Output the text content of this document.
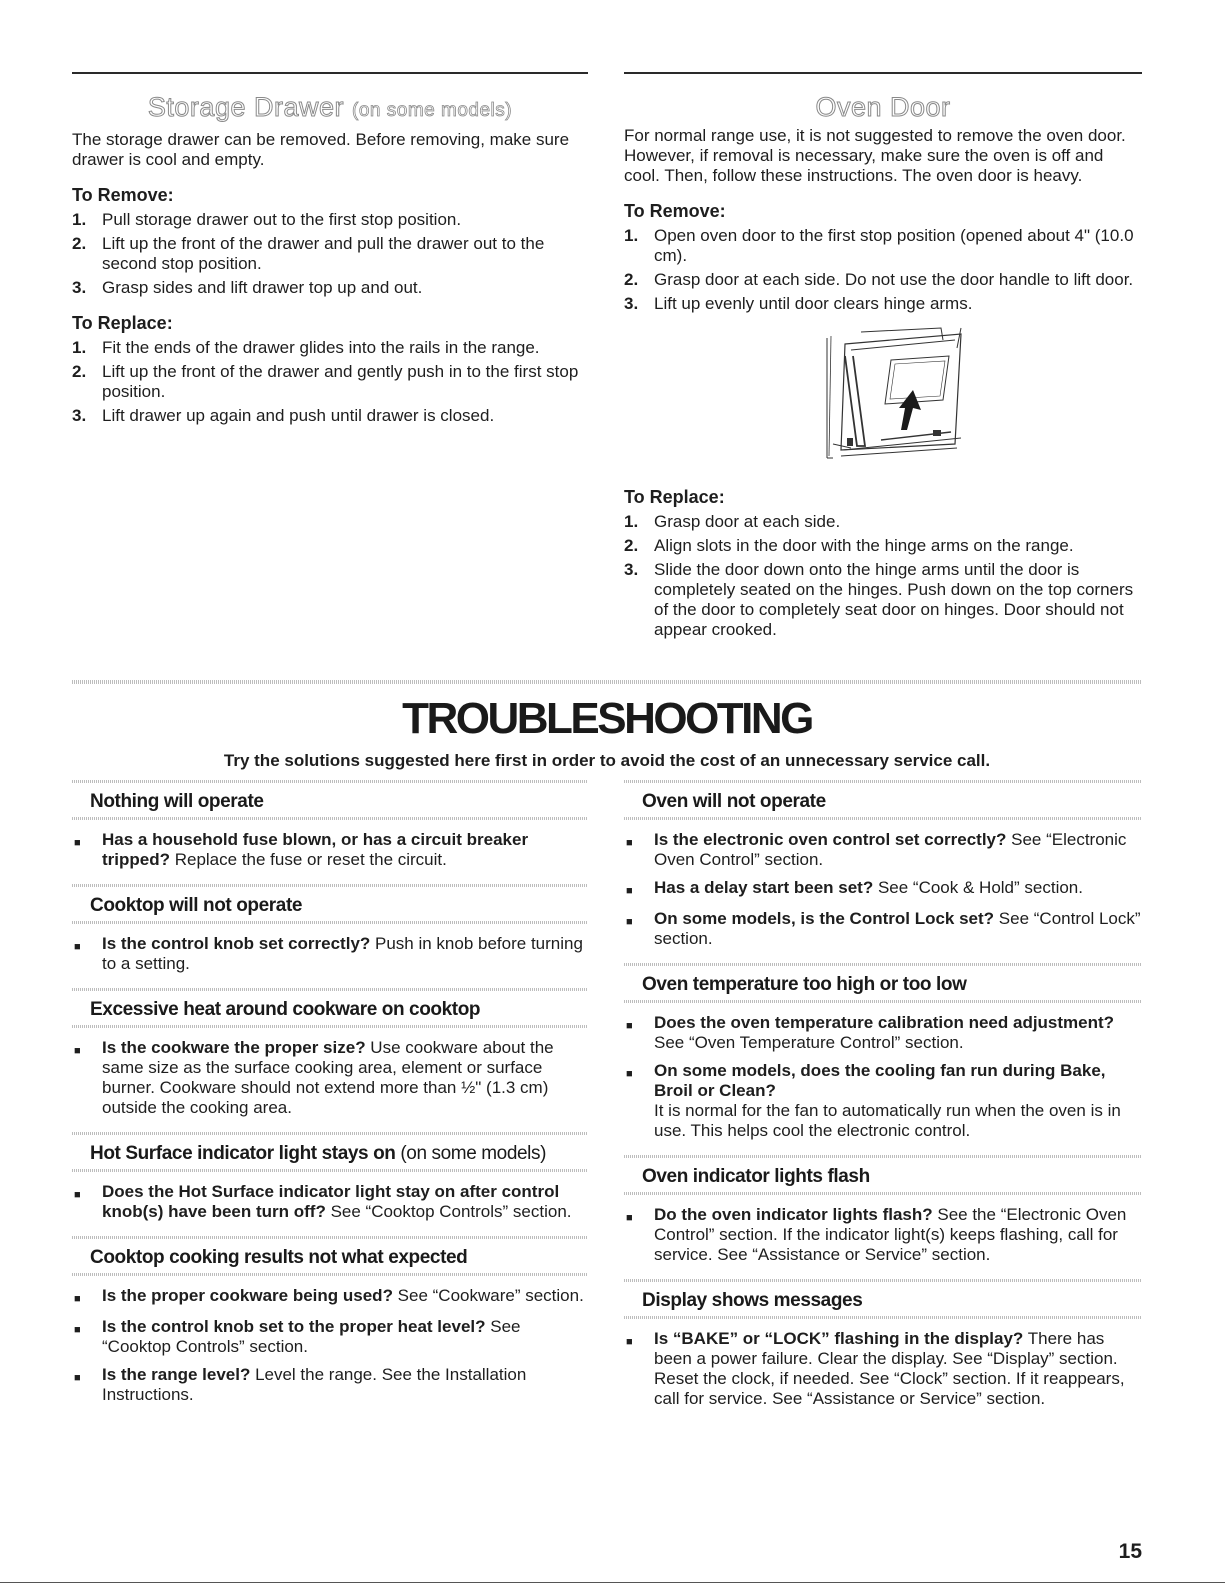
Storage Drawer (on some models)

The storage drawer can be removed. Before removing, make sure drawer is cool and empty.

To Remove:
1. Pull storage drawer out to the first stop position.
2. Lift up the front of the drawer and pull the drawer out to the second stop position.
3. Grasp sides and lift drawer top up and out.
To Replace:
1. Fit the ends of the drawer glides into the rails in the range.
2. Lift up the front of the drawer and gently push in to the first stop position.
3. Lift drawer up again and push until drawer is closed.
Oven Door

For normal range use, it is not suggested to remove the oven door. However, if removal is necessary, make sure the oven is off and cool. Then, follow these instructions. The oven door is heavy.

To Remove:
1. Open oven door to the first stop position (opened about 4" (10.0 cm).
2. Grasp door at each side. Do not use the door handle to lift door.
3. Lift up evenly until door clears hinge arms.
To Replace:
1. Grasp door at each side.
2. Align slots in the door with the hinge arms on the range.
3. Slide the door down onto the hinge arms until the door is completely seated on the hinges. Push down on the top corners of the door to completely seat door on hinges. Door should not appear crooked.
TROUBLESHOOTING
Try the solutions suggested here first in order to avoid the cost of an unnecessary service call.
Nothing will operate
■	Has a household fuse blown, or has a circuit breaker tripped? Replace the fuse or reset the circuit.
Cooktop will not operate
■	Is the control knob set correctly? Push in knob before turning to a setting.
Excessive heat around cookware on cooktop
■	Is the cookware the proper size? Use cookware about the same size as the surface cooking area, element or surface burner. Cookware should not extend more than ½" (1.3 cm) outside the cooking area.
Hot Surface indicator light stays on (on some models)
■	Does the Hot Surface indicator light stay on after control knob(s) have been turn off? See “Cooktop Controls” section.
Cooktop cooking results not what expected
■	Is the proper cookware being used? See “Cookware” section.
■	Is the control knob set to the proper heat level? See “Cooktop Controls” section.
■	Is the range level? Level the range. See the Installation Instructions.
Oven will not operate
■	Is the electronic oven control set correctly? See “Electronic Oven Control” section.
■	Has a delay start been set? See “Cook & Hold” section.
■	On some models, is the Control Lock set? See “Control Lock” section.
Oven temperature too high or too low
■	Does the oven temperature calibration need adjustment? See “Oven Temperature Control” section.
■	On some models, does the cooling fan run during Bake, Broil or Clean?
It is normal for the fan to automatically run when the oven is in use. This helps cool the electronic control.
Oven indicator lights flash
■	Do the oven indicator lights flash? See the “Electronic Oven Control” section. If the indicator light(s) keeps flashing, call for service. See “Assistance or Service” section.
Display shows messages
■	Is “BAKE” or “LOCK” flashing in the display? There has been a power failure. Clear the display. See “Display” section. Reset the clock, if needed. See “Clock” section. If it reappears, call for service. See “Assistance or Service” section.
15
